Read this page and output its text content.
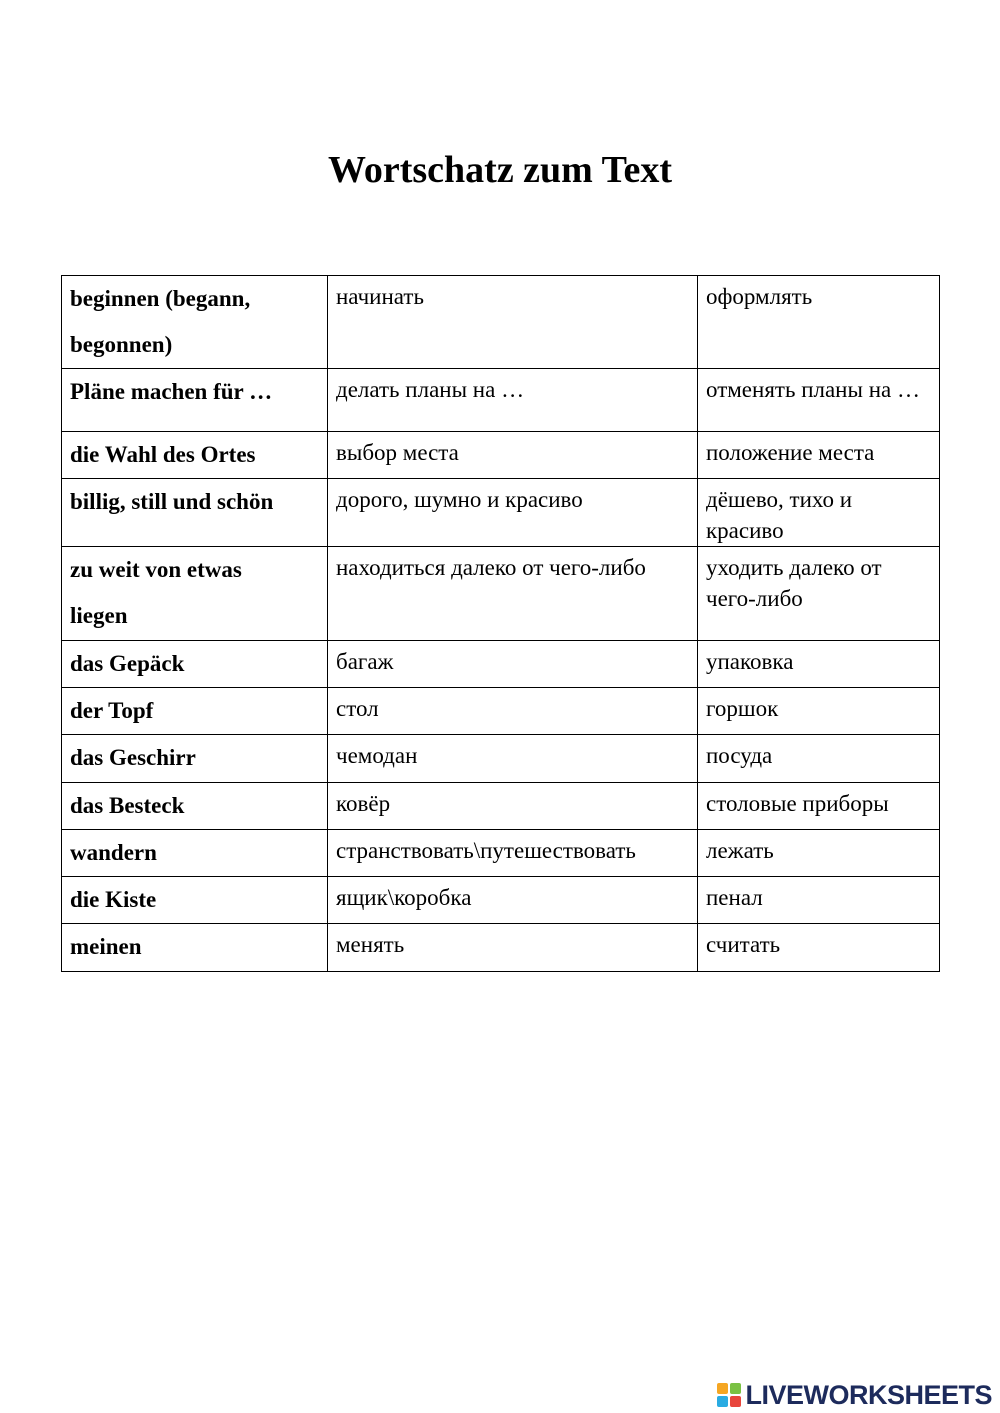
Wortschatz zum Text
beginnen (begann,
begonnen)	начинать	оформлять
Pläne machen für …	делать планы на …	отменять планы на …
die Wahl des Ortes	выбор места	положение места
billig, still und schön	дорого, шумно и красиво	дёшево, тихо и красиво

zu weit von etwas
liegen	находиться далеко от чего-либо	уходить далеко от чего-либо
das Gepäck	багаж	упаковка
der Topf	стол	горшок
das Geschirr	чемодан	посуда
das Besteck	ковёр	столовые приборы
wandern	странствовать\путешествовать	лежать
die Kiste	ящик\коробка	пенал
meinen	менять	считать
LIVEWORKSHEETS
